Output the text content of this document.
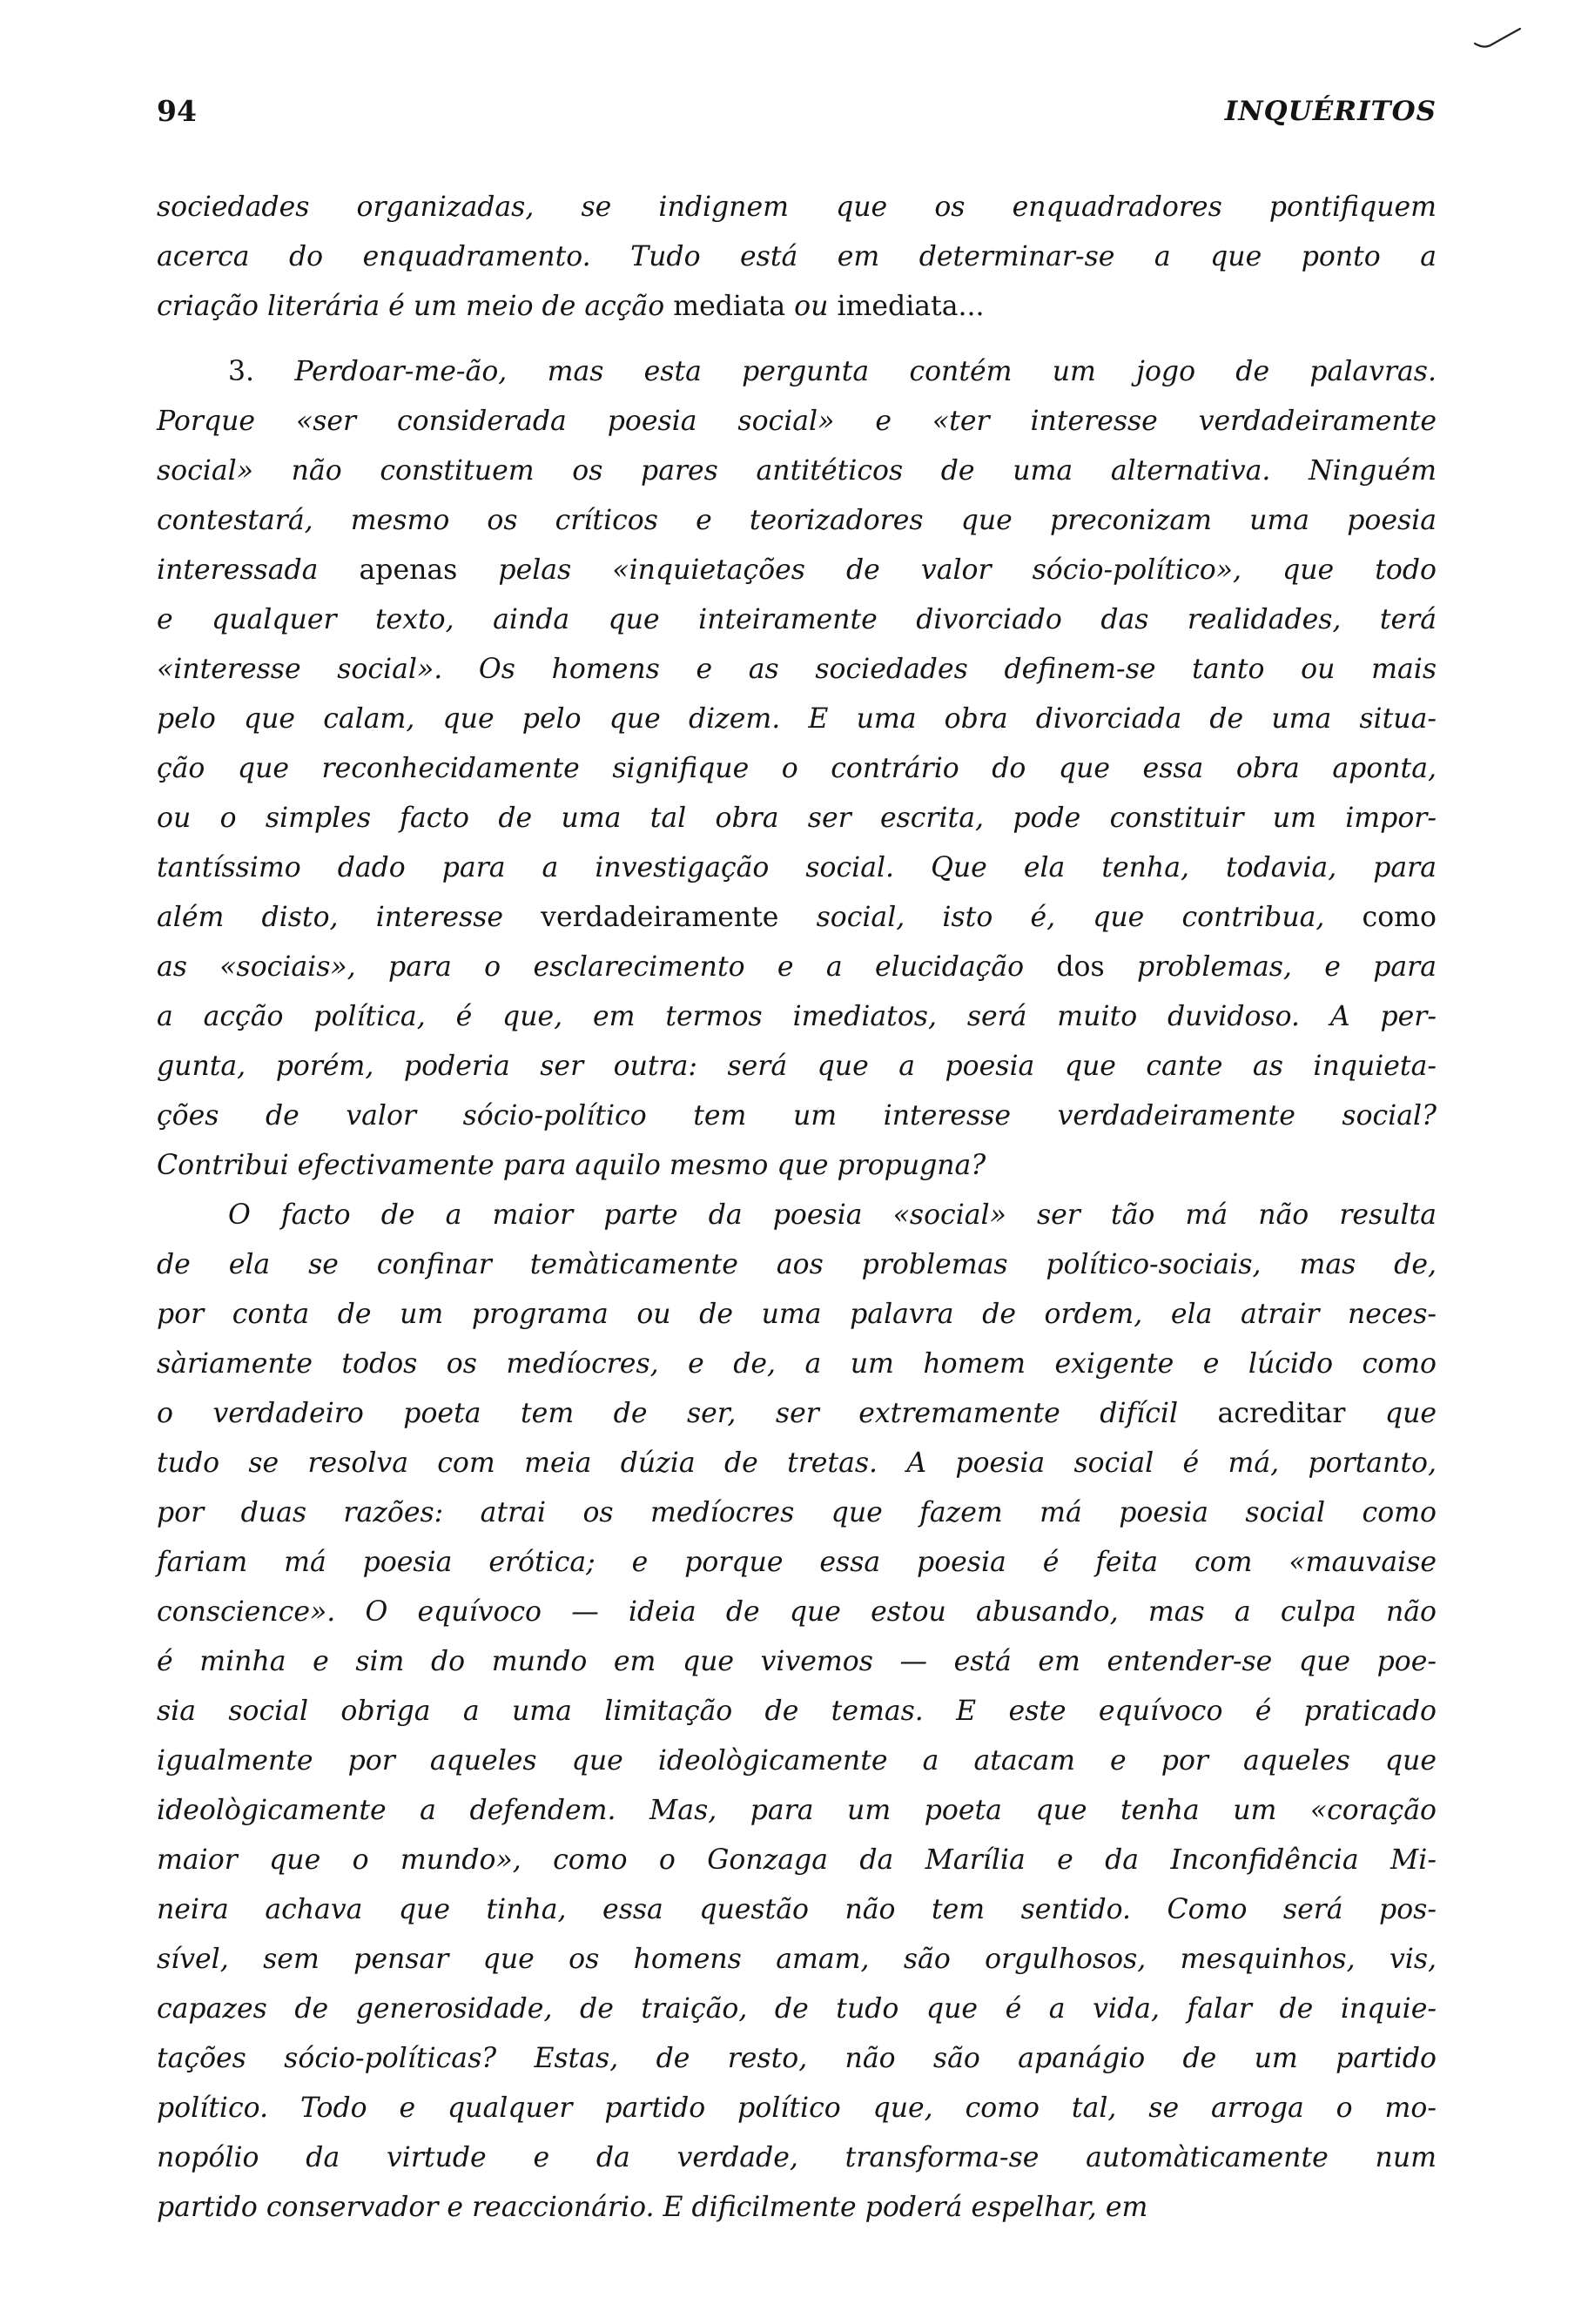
94	INQUÉRITOS
sociedades organizadas, se indignem que os enquadradores pontifiquem
acerca do enquadramento. Tudo está em determinar-se a que ponto a
criação literária é um meio de acção mediata ou imediata...
3. Perdoar-me-ão, mas esta pergunta contém um jogo de palavras.
Porque «ser considerada poesia social» e «ter interesse verdadeiramente
social» não constituem os pares antitéticos de uma alternativa. Ninguém
contestará, mesmo os críticos e teorizadores que preconizam uma poesia
interessada apenas pelas «inquietações de valor sócio-político», que todo
e qualquer texto, ainda que inteiramente divorciado das realidades, terá
«interesse social». Os homens e as sociedades definem-se tanto ou mais
pelo que calam, que pelo que dizem. E uma obra divorciada de uma situa-
ção que reconhecidamente signifique o contrário do que essa obra aponta,
ou o simples facto de uma tal obra ser escrita, pode constituir um impor-
tantíssimo dado para a investigação social. Que ela tenha, todavia, para
além disto, interesse verdadeiramente social, isto é, que contribua, como
as «sociais», para o esclarecimento e a elucidação dos problemas, e para
a acção política, é que, em termos imediatos, será muito duvidoso. A per-
gunta, porém, poderia ser outra: será que a poesia que cante as inquieta-
ções de valor sócio-político tem um interesse verdadeiramente social?
Contribui efectivamente para aquilo mesmo que propugna?
O facto de a maior parte da poesia «social» ser tão má não resulta
de ela se confinar temàticamente aos problemas político-sociais, mas de,
por conta de um programa ou de uma palavra de ordem, ela atrair neces-
sàriamente todos os medíocres, e de, a um homem exigente e lúcido como
o verdadeiro poeta tem de ser, ser extremamente difícil acreditar que
tudo se resolva com meia dúzia de tretas. A poesia social é má, portanto,
por duas razões: atrai os medíocres que fazem má poesia social como
fariam má poesia erótica; e porque essa poesia é feita com «mauvaise
conscience». O equívoco — ideia de que estou abusando, mas a culpa não
é minha e sim do mundo em que vivemos — está em entender-se que poe-
sia social obriga a uma limitação de temas. E este equívoco é praticado
igualmente por aqueles que ideològicamente a atacam e por aqueles que
ideològicamente a defendem. Mas, para um poeta que tenha um «coração
maior que o mundo», como o Gonzaga da Marília e da Inconfidência Mi-
neira achava que tinha, essa questão não tem sentido. Como será pos-
sível, sem pensar que os homens amam, são orgulhosos, mesquinhos, vis,
capazes de generosidade, de traição, de tudo que é a vida, falar de inquie-
tações sócio-políticas? Estas, de resto, não são apanágio de um partido
político. Todo e qualquer partido político que, como tal, se arroga o mo-
nopólio da virtude e da verdade, transforma-se automàticamente num
partido conservador e reaccionário. E dificilmente poderá espelhar, em
